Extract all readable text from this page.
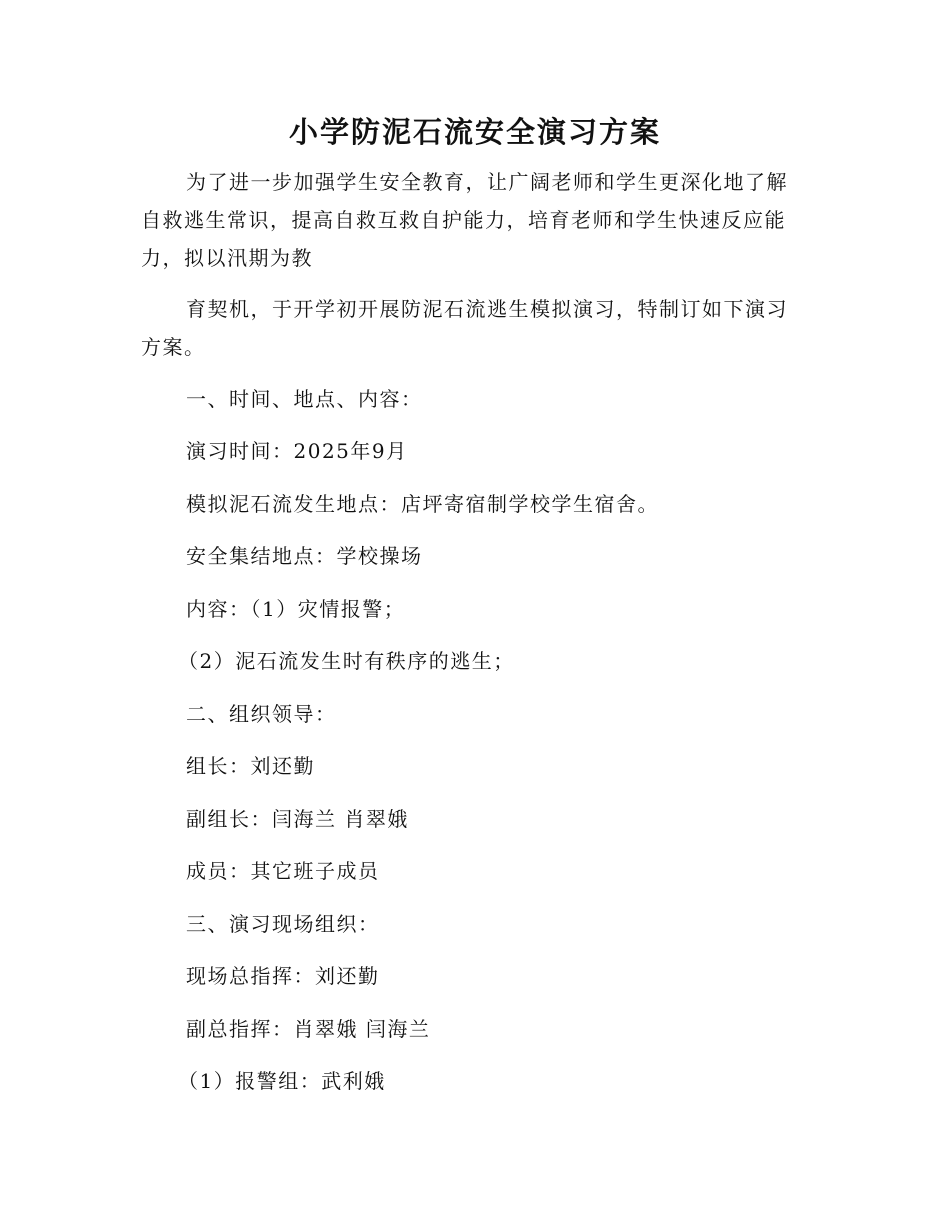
小学防泥石流安全演习方案

为了进一步加强学生安全教育，让广阔老师和学生更深化地了解自救逃生常识，提高自救互救自护能力，培育老师和学生快速反应能力，拟以汛期为教

育契机，于开学初开展防泥石流逃生模拟演习，特制订如下演习方案。

一、时间、地点、内容：

演习时间：2025年9月

模拟泥石流发生地点：店坪寄宿制学校学生宿舍。

安全集结地点：学校操场

内容：（1）灾情报警；

（2）泥石流发生时有秩序的逃生；

二、组织领导：

组长：刘还勤

副组长：闫海兰 肖翠娥

成员：其它班子成员

三、演习现场组织：

现场总指挥：刘还勤

副总指挥：肖翠娥 闫海兰

（1）报警组：武利娥
